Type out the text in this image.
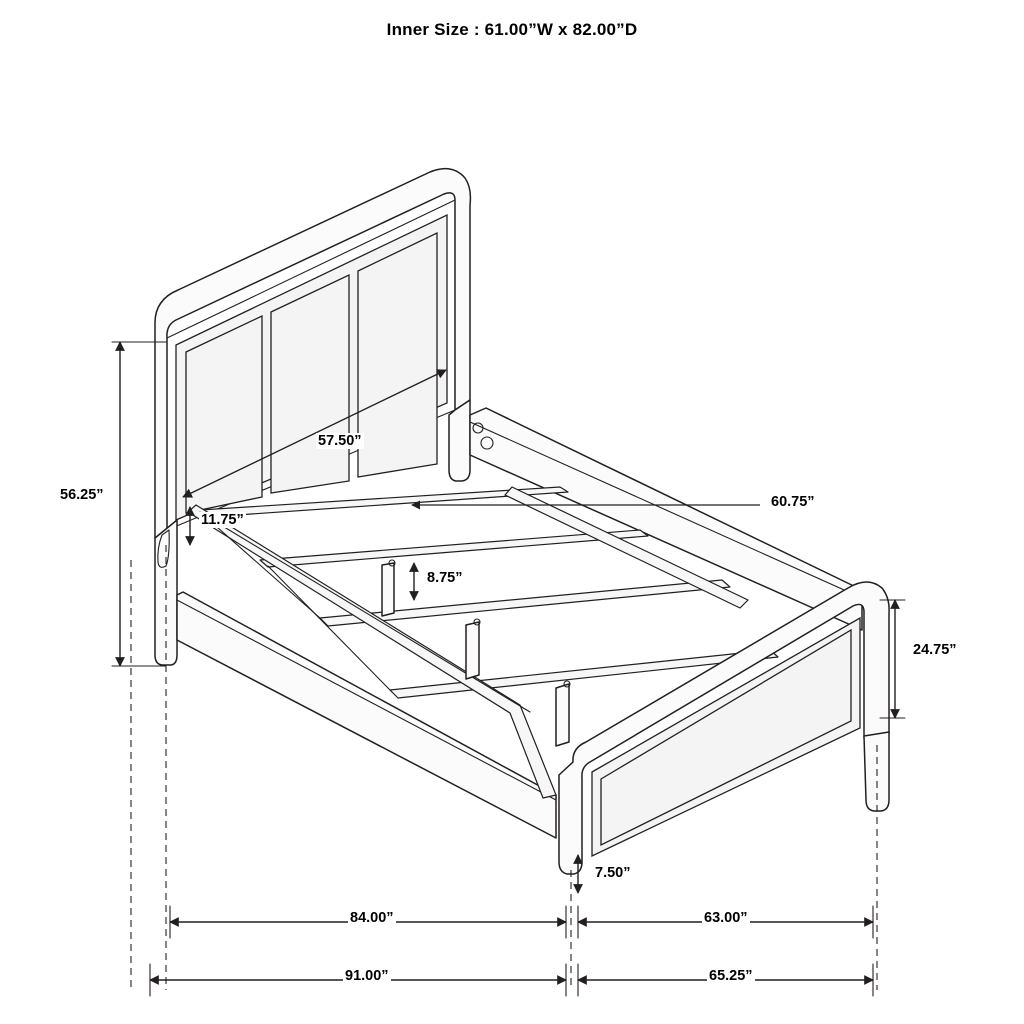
Inner Size : 61.00”W x 82.00”D
56.25”
57.50”
11.75”
8.75”
60.75”
24.75”
7.50”
84.00”	63.00”
91.00”	65.25”
